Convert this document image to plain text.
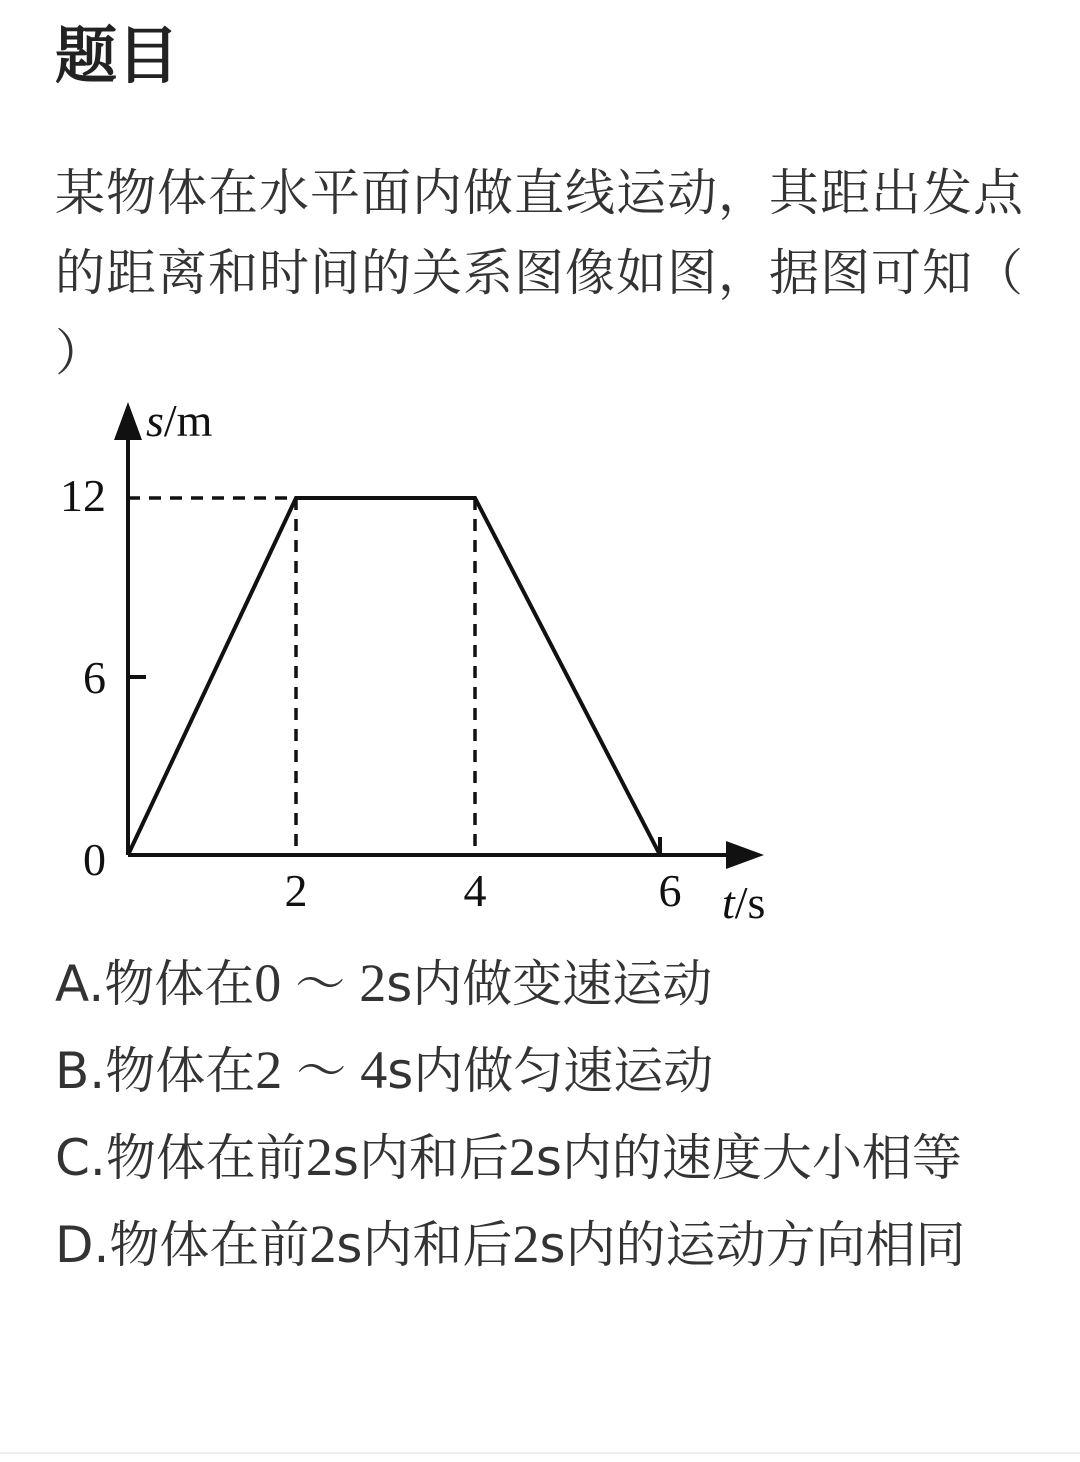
题目
某物体在水平面内做直线运动，其距出发点的距离和时间的关系图像如图，据图可知（ ）
s/m
6
12
0
2	4	6 t/s
A.物体在0 ～ 2s内做变速运动
B.物体在2 ～ 4s内做匀速运动
C.物体在前2s内和后2s内的速度大小相等
D.物体在前2s内和后2s内的运动方向相同
